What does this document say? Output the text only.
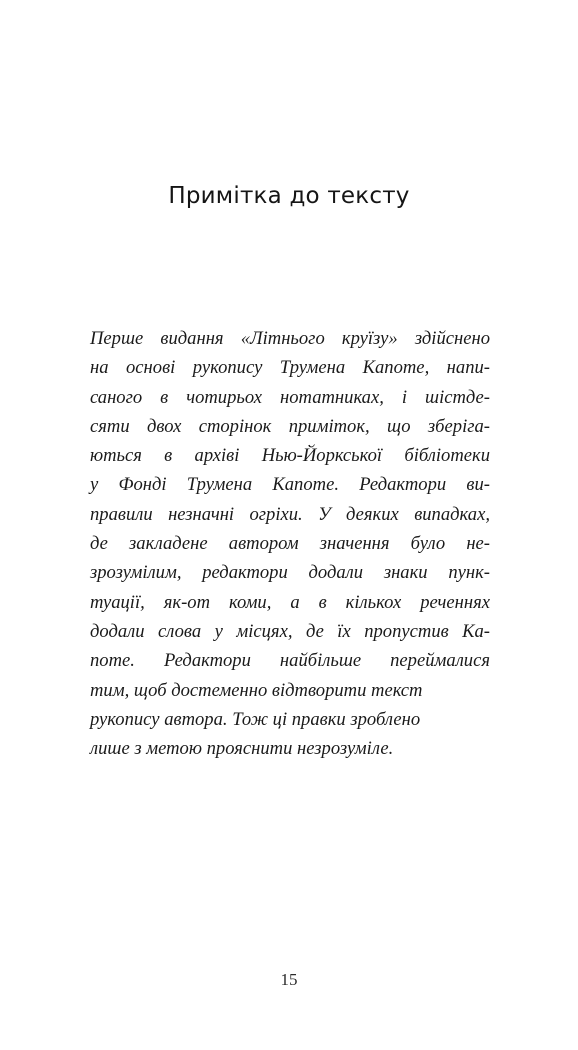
Примітка до тексту

Перше видання «Літнього круїзу» здійснено
на основі рукопису Трумена Капоте, напи-
саного в чотирьох нотатниках, і шістде-
сяти двох сторінок приміток, що зберіга-
ються в архіві Нью-Йоркської бібліотеки
у Фонді Трумена Капоте. Редактори ви-
правили незначні огріхи. У деяких випадках,
де закладене автором значення було не-
зрозумілим, редактори додали знаки пунк-
туації, як-от коми, а в кількох реченнях
додали слова у місцях, де їх пропустив Ка-
поте. Редактори найбільше переймалися
тим, щоб достеменно відтворити текст
рукопису автора. Тож ці правки зроблено
лише з метою прояснити незрозуміле.

15
